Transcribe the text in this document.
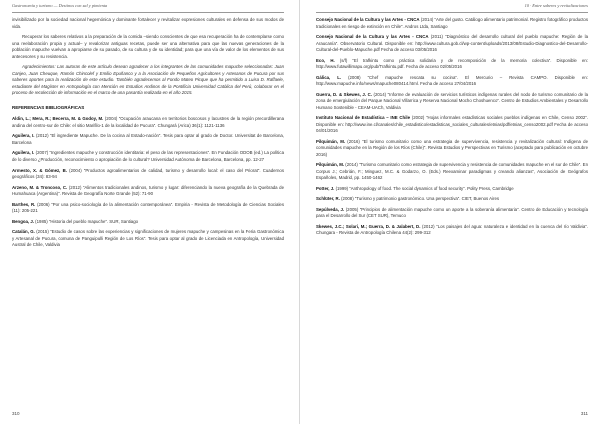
Gastronomía y turismo — Destinos con sal y pimienta

invisibilizado por la sociedad nacional hegemónica y dominante fortalecer y revitalizar expresiones culturales en defensa de sus modos de vida.

Recuperar los saberes relativos a la preparación de la comida –siendo conscientes de que esa recuperación ha de contemplarse como una reelaboración propia y actual– y revalorizar antiguas recetas, puede ser una alternativa para que las nuevas generaciones de la población mapuche vuelvan a apropiarse de su pasado, de su cultura y de su identidad; para que una vía de valor de los elementos de sus antecesores y su resistencia.

Agradecimientos: Las autoras de este artículo desean agradecer a los integrantes de las comunidades mapuche seleccionadas: Juan Canjeo, Juan Cheuque, Ramón Chincolef y Emilio Epuñanco y a la Asociación de Pequeños Agricultores y Artesanos de Pucura por sus saberes aportes para la realización de este estudio. También agradecemos al Fondo Mateo Picque que ha permitido a Luisa D. Raffaele, estudiante del Magíster en Antropología con Mención en Estudios Andinos de la Pontificia Universidad Católica del Perú, colaborar en el proceso de recolección de información en el marco de una pasantía realizada en el año 2015.

REFERENCIAS BIBLIOGRÁFICAS

Aldin, L.; Mera, R.; Becerra, M. & Godoy, M. (2004) “Ocupación araucana en territorios boscosos y lacustres de la región precordillerana andina del centro-sur de Chile: el sitio Marifilo-1 de la localidad de Pucura”. Chungará (Arica) 36(1): 1121-1136

Aguilera, I. (2012) “El ingrediente Mapuche. De la cocina al Estado-nación”. Tesis para optar al grado de Doctor. Universitat de Barcelona, Barcelona

Aguilera, I. (2007) “Ingredientes mapuche y construcción identitaria: el peso de las representaciones”. En Fundación ODOB (ed.) La política de lo diverso ¿Producción, reconocimiento o apropiación de lo cultural? Universidad Autónoma de Barcelona, Barcelona, pp. 12-27

Armesto, X. & Gómez, B. (2004) “Productos agroalimentarios de calidad, turismo y desarrollo local: el caso del Priorat”. Cuadernos geográficos (34): 83-94

Arzeno, M. & Troncoso, C. (2012) “Alimentos tradicionales andinos, turismo y lugar: diferenciando la nueva geografía de la Quebrada de Humahuaca (Argentina)”. Revista de Geografía Norte Grande (52): 71-90

Barthes, R. (2006) “Por una psico-sociología de la alimentación contemporánea”. Empiria - Revista de Metodología de Ciencias Sociales (11): 205-221

Bengoa, J. (1985) “Historia del pueblo mapuche”. SUR, Santiago

Catalán, G. (2015) “Estudio de casos sobre las experiencias y significaciones de mujeres mapuche y campesinas en la Feria Gastronómica y Artesanal de Pucura, comuna de Panguipulli Región de Los Ríos”. Tesis para optar al grado de Licenciada en Antropología, Universidad Austral de Chile, Valdivia

310
10 · Entre saberes y revitalizaciones

Consejo Nacional de la Cultura y las Artes - CNCA (2014) “Arte del gusto. Catálogo alimentario patrimonial. Registro fotográfico productos tradicionales en riesgo de extinción en Chile”. Andros Ltda, Santiago

Consejo Nacional de la Cultura y las Artes - CNCA (2011) “Diagnóstico del desarrollo cultural del pueblo mapuche: Región de la Araucanía”. Observatorio Cultural. Disponible en: http://www.cultura.gob.cl/wp-content/uploads/2013/08/Estudio-Diagnostico-del-Desarrollo-Cultural-del-Pueblo-Mapuche.pdf Fecha de acceso 03/05/2016

Eco, H. (s/f) “El trafkintu como práctica solidaria y de recomposición de la memoria colectiva”. Disponible en: http://www.futawillimapu.org/pub/Trafkintu.pdf. Fecha de acceso 02/05/2016

Gálica, L. (2008) “Chef mapuche rescata su cocina”. El Mercurio – Revista CAMPO. Disponible en: http://www.mapuche.info/news/mapuche080414.html. Fecha de acceso 27/04/2016

Guerra, D. & Skewes, J. C. (2014) “Informe de evaluación de servicios turísticos indígenas rurales del nodo de turismo comunitario de la zona de emergiulación del Parque Nacional Villarrica y Reserva Nacional Mocho Choshuenco”. Centro de Estudios Ambientales y Desarrollo Humano Sostenible - CEAM-UACh, Valdivia

Instituto Nacional de Estadística – INE Chile (2002) “Hojas informales estadísticas sociales pueblos indígenas en Chile, Censo 2002”. Disponible en: http://www.ine.cl/canales/chile_estadistico/estadisticas_sociales_culturales/etnias/pdf/etnias_censo2002.pdf Fecha de acceso 04/01/2016

Pilquimán, M. (2016) “El turismo comunitario como una estrategia de supervivencia, resistencia y revitalización cultural: Indígena de comunidades mapuche en la Región de los Ríos (Chile)”. Revista Estudios y Perspectivas en Turismo (aceptado para publicación en octubre 2016)

Pilquimán, M. (2014) “Turismo comunitario como estrategia de supervivencia y resistencia de comunidades mapuche en el sur de Chile”. En Corpus J.; Cebrián, F.; Minguez, M.C. & Godarzo, O. (Eds.) Reexaminar paradigmas y creando alianzas”, Asociación de Geógrafos Españoles, Madrid, pp. 1450-1462

Potter, J. (1999) “Anthropology of food. The social dynamics of food security”. Polity Press, Cambridge

Schlüter, R. (2008) “Turismo y patrimonio gastronómico. Una perspectiva”. CIET, Buenos Aires

Sepúlveda, J. (2005) “Principios de alimentación mapuche como un aporte a la soberanía alimentaria”. Centro de Educación y tecnología para el Desarrollo del Sur (CET SUR), Temuco

Skewes, J.C.; Solari, M.; Guerra, D. & Jalabert, D. (2012) “Los paisajes del agua: naturaleza e identidad en la cuenca del río Valdivia”. Chungara - Revista de Antropología Chilena 44(2): 299-312

311
